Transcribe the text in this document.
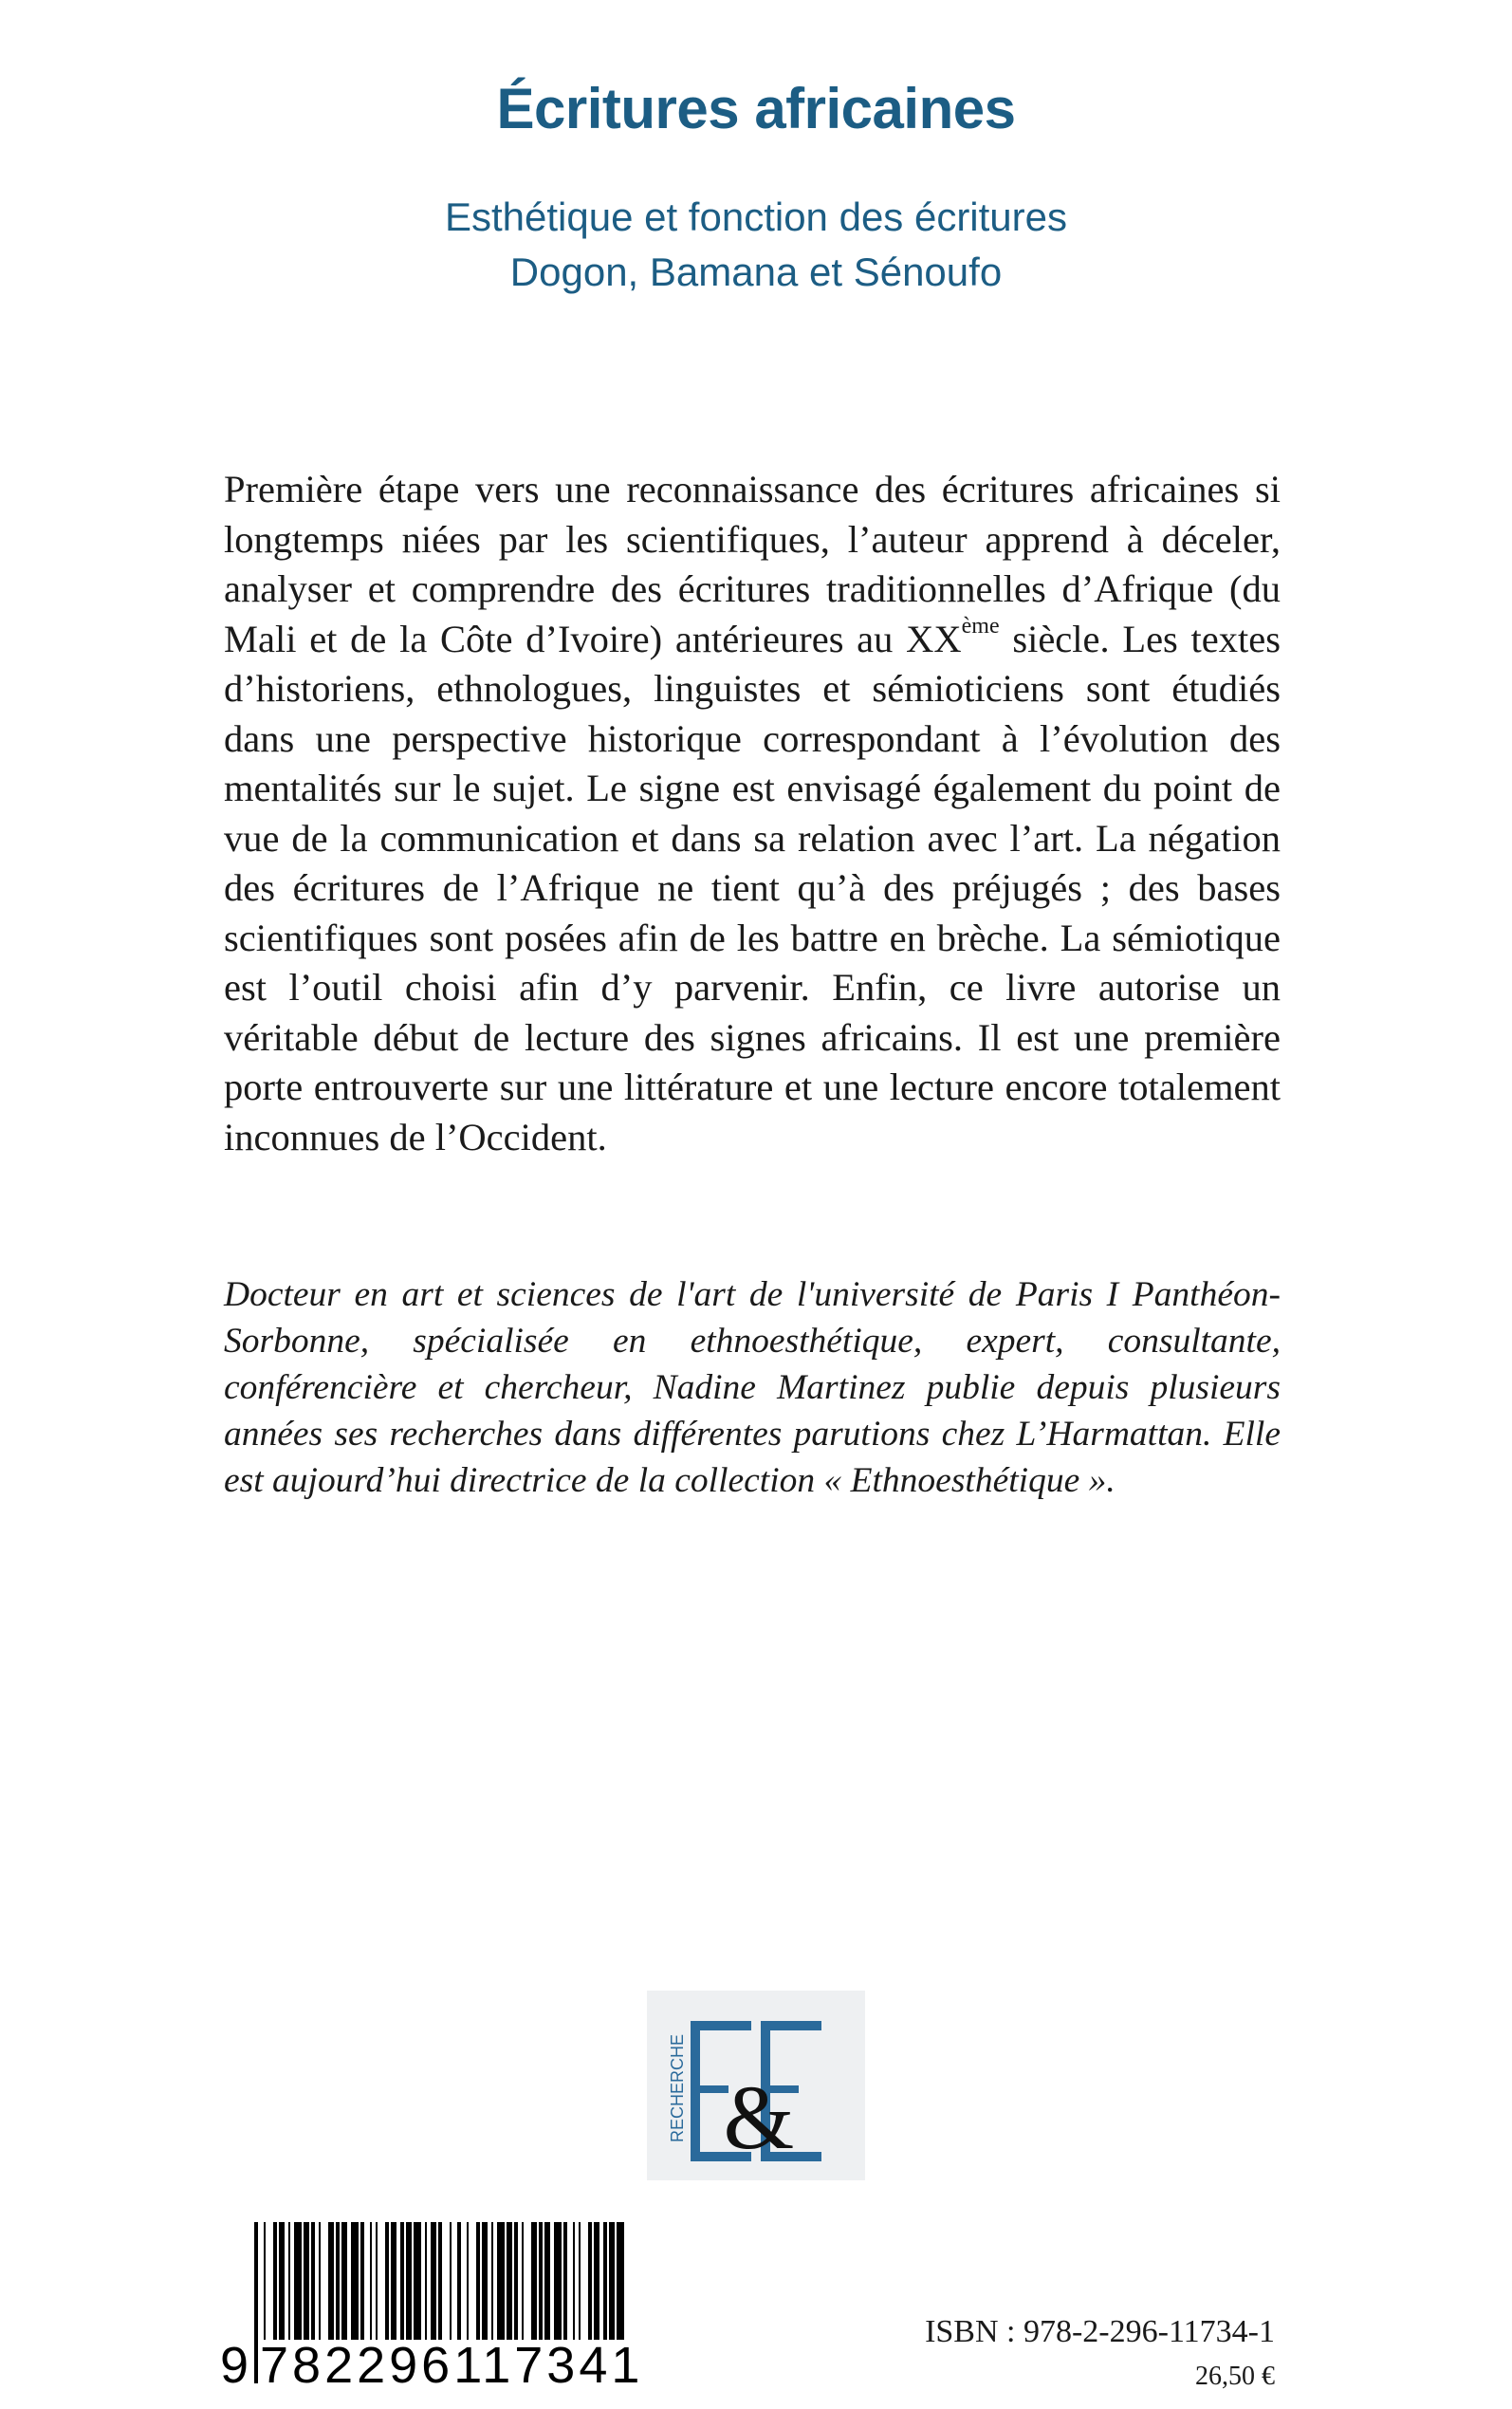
Écritures africaines
Esthétique et fonction des écritures
Dogon, Bamana et Sénoufo

Première étape vers une reconnaissance des écritures africaines si longtemps niées par les scientifiques, l’auteur apprend à déceler, analyser et comprendre des écritures traditionnelles d’Afrique (du Mali et de la Côte d’Ivoire) antérieures au XXème siècle. Les textes d’historiens, ethnologues, linguistes et sémioticiens sont étudiés dans une perspective historique correspondant à l’évolution des mentalités sur le sujet. Le signe est envisagé également du point de vue de la communication et dans sa relation avec l’art. La négation des écritures de l’Afrique ne tient qu’à des préjugés ; des bases scientifiques sont posées afin de les battre en brèche. La sémiotique est l’outil choisi afin d’y parvenir. Enfin, ce livre autorise un véritable début de lecture des signes africains. Il est une première porte entrouverte sur une littérature et une lecture encore totalement inconnues de l’Occident.

Docteur en art et sciences de l'art de l'université de Paris I Panthéon-Sorbonne, spécialisée en ethnoesthétique, expert, consultante, conférencière et chercheur, Nadine Martinez publie depuis plusieurs années ses recherches dans différentes parutions chez L’Harmattan. Elle est aujourd’hui directrice de la collection « Ethnoesthétique ».

&
RECHERCHE
9 782296117341
ISBN : 978-2-296-11734-1
26,50 €
